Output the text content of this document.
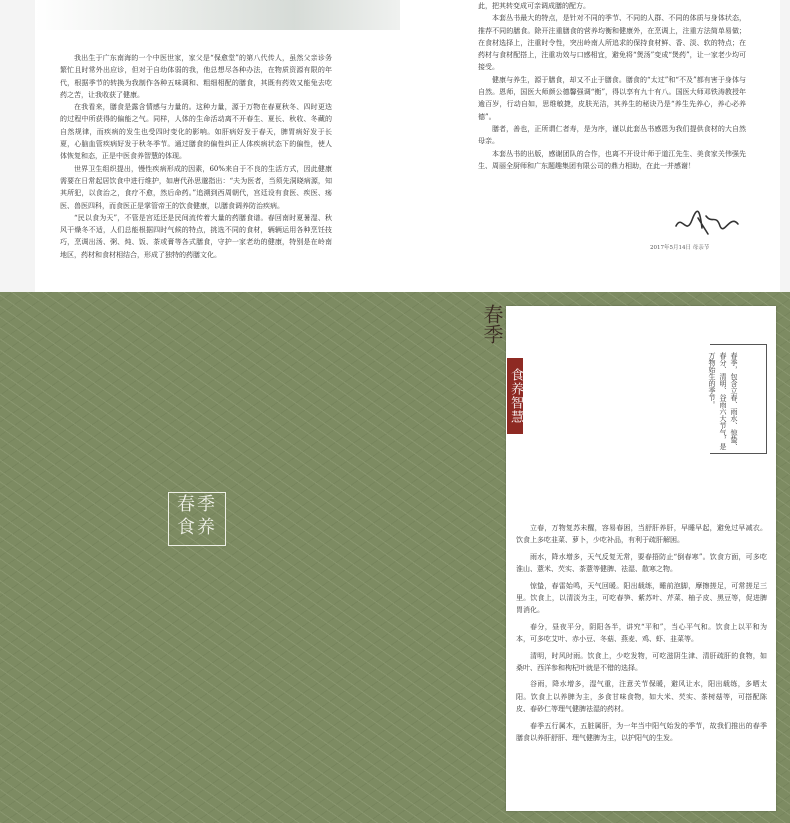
我出生于广东南海的一个中医世家，家父是“保愈堂”的第八代传人，虽然父亲诊务繁忙且时常外出应诊，但对于自幼体弱的我，他总想尽各种办法，在物质资源有限的年代，根据季节的转换为我制作各种五味调和、粗细相配的膳食，其既有药效又能兔去吃药之苦，让我收获了健康。

在我看来，膳食是露含情感与力量的。这种力量，源于万物在春夏秋冬、四时更迭的过程中所获得的偏能之气。同样，人体的生命活动离不开春生、夏长、秋收、冬藏的自然规律，而疾病的发生也受四时变化的影响。如肝病好发于春天，脾胃病好发于长夏，心脑血管疾病好发于秋冬季节。通过膳食的偏性纠正人体疾病状态下的偏性，使人体恢复和态，正是中医食养智慧的体现。

世界卫生组织提出，慢性疾病形成的因素，60%来自于不良的生活方式，因此健康需要在日常起居饮食中进行维护，如唐代孙思邈指出：“夫为医者，当须先洞晓病源，知其所犯，以食治之，食疗不愈，然后命药。”追溯到西周朝代，宫廷设有食医、疾医、疡医、兽医四科，而食医正是掌管帝王的饮食健康，以膳食调养防治疾病。

“民以食为天”，不管是宫廷还是民间流传着大量的药膳食谱。春回南时夏暑湿、秋风干燥冬不适，人们总能根据四时气候的特点，挑选不同的食材，辆辆运用各种烹饪技巧，烹调出汤、粥、炖、饭、茶或膏等各式膳食，守护一家老幼的健康，特别是在岭南地区，药材和食材相结合，形成了独特的药膳文化。

此，把其转变成可亲调成膳的配方。

本套丛书最大的特点，是针对不同的季节、不同的人群、不同的体质与身体状态，推荐不同的膳食。除开注重膳食的营养均衡和健康外，在烹调上，注重方法简单易做；在食材选择上，注重时令性，突出岭南人所追求的保持食材鲜、香、淡、软的特点；在药材与食材配搭上，注重功效与口感相宜，避免将“煲汤”变成“煲药”，让一家老少均可接受。

健康与养生，源于膳食，却又不止于膳食。膳食的“太过”和“不及”都有害于身体与自然。恩师，国医大师颜公德馨强调“衡”，得以享有九十有八。国医大师邓铁涛教授年逾百岁，行动自如，思维敏捷，皮肤光洁，其养生的秘诀乃是“养生先养心，养心必养德”。

膳者，善也，正所谓仁者寿，是为序，谨以此套丛书感恩为我们提供食材的大自然母亲。

本套丛书的出版，感谢团队的合作，也离不开设计师于道江先生、美食家关伟强先生、周丽全厨师和广东题趣集团有限公司的鼎力相助，在此一并感谢！

2017年5月14日 母亲节
春季
食养
春季
食养智慧	春季，包含立春、雨水、惊蛰、春分、清明、谷雨六大节气，是万物始生的季节。

立春，万物复苏未醒，容易春困，当舒肝养肝，早睡早起，避免过早减衣。饮食上多吃韭菜、萝卜，少吃补品，有利于疏肝解困。

雨水，降水增多，天气反复无常，要春捂防止“倒春寒”。饮食方面，可多吃淮山、薏米、芡实、茶薏等健脾、祛湿、散寒之物。

惊蛰，春雷始鸣，天气回暖。阳出载练，睡前泡脚，摩擦搓足，可常搓足三里。饮食上，以清淡为主，可吃春笋、紫苏叶、芹菜、柚子皮、黑豆等，促进脾胃消化。

春分，昼夜平分，阴阳各半，讲究“平和”，当心平气和。饮食上以平和为本，可多吃艾叶、赤小豆、冬菇、燕麦、鸡、虾、韭菜等。

清明，时风时雨。饮食上，少吃发物，可吃滋阴生津、清肝疏肝的食物，如桑叶、西洋参和枸杞叶就是不错的选择。

谷雨，降水增多，湿气重，注意关节保暖，避风让水，阳出载练，多晒太阳。饮食上以养脾为主，多食甘味食物，如大米、芡实、茶树菇等，可搭配陈皮、春砂仁等理气健脾祛湿的药材。

春季五行属木，五脏属肝，为一年当中阳气始发的季节，故我们推出的春季膳食以养肝舒肝、理气健脾为主，以护阳气的生发。
